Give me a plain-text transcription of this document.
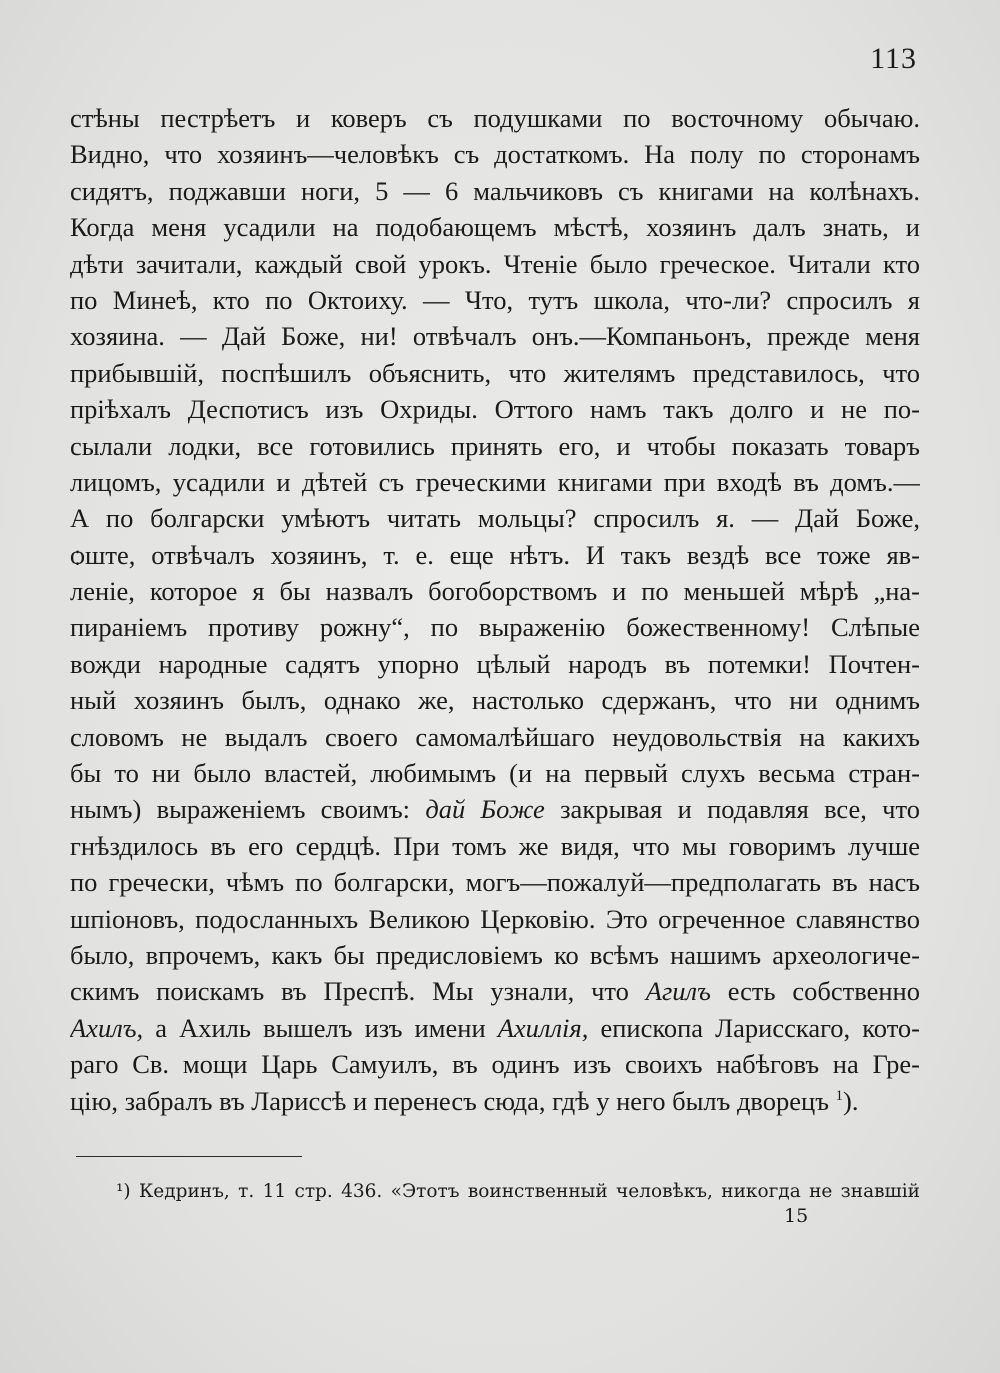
113
стѣны пестрѣетъ и коверъ съ подушками по восточному обычаю.
Видно, что хозяинъ—человѣкъ съ достаткомъ. На полу по сторонамъ
сидятъ, поджавши ноги, 5 — 6 мальчиковъ съ книгами на колѣнахъ.
Когда меня усадили на подобающемъ мѣстѣ, хозяинъ далъ знать, и
дѣти зачитали, каждый свой урокъ. Чтеніе было греческое. Читали кто
по Минеѣ, кто по Октоиху. — Что, тутъ школа, что-ли? спросилъ я
хозяина. — Дай Боже, ни! отвѣчалъ онъ.—Компаньонъ, прежде меня
прибывшій, поспѣшилъ объяснить, что жителямъ представилось, что
пріѣхалъ Деспотисъ изъ Охриды. Оттого намъ такъ долго и не по-
сылали лодки, все готовились принять его, и чтобы показать товаръ
лицомъ, усадили и дѣтей съ греческими книгами при входѣ въ домъ.—
А по болгарски умѣютъ читать мольцы? спросилъ я. — Дай Боже,
ѻште, отвѣчалъ хозяинъ, т. е. еще нѣтъ. И такъ вездѣ все тоже яв-
леніе, которое я бы назвалъ богоборствомъ и по меньшей мѣрѣ „на-
пираніемъ противу рожну“, по выраженію божественному! Слѣпые
вожди народные садятъ упорно цѣлый народъ въ потемки! Почтен-
ный хозяинъ былъ, однако же, настолько сдержанъ, что ни однимъ
словомъ не выдалъ своего самомалѣйшаго неудовольствія на какихъ
бы то ни было властей, любимымъ (и на первый слухъ весьма стран-
нымъ) выраженіемъ своимъ: дай Боже закрывая и подавляя все, что
гнѣздилось въ его сердцѣ. При томъ же видя, что мы говоримъ лучше
по гречески, чѣмъ по болгарски, могъ—пожалуй—предполагать въ насъ
шпіоновъ, подосланныхъ Великою Церковію. Это огреченное славянство
было, впрочемъ, какъ бы предисловіемъ ко всѣмъ нашимъ археологиче-
скимъ поискамъ въ Преспѣ. Мы узнали, что Агилъ есть собственно
Ахилъ, а Ахиль вышелъ изъ имени Ахиллія, епископа Ларисскаго, кото-
раго Св. мощи Царь Самуилъ, въ одинъ изъ своихъ набѣговъ на Гре-
цію, забралъ въ Ларисcѣ и перенесъ сюда, гдѣ у него былъ дворецъ $^1$).
¹) Кедринъ, т. 11 стр. 436. «Этотъ воинственный человѣкъ, никогда не знавшій
15
